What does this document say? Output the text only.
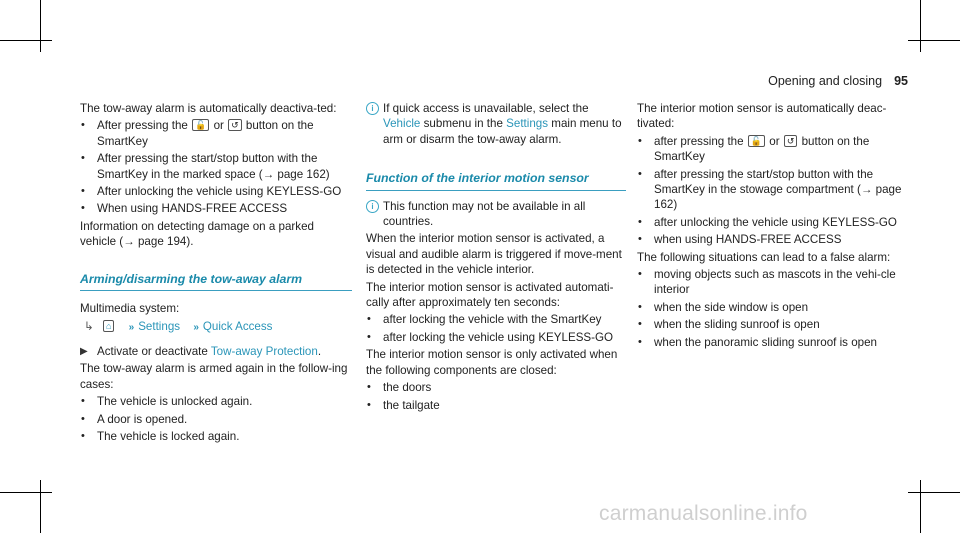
Opening and closing 95

The tow-away alarm is automatically deactiva-ted:

• After pressing the 🔓 or ↺ button on the SmartKey
• After pressing the start/stop button with the SmartKey in the marked space (→ page 162)
• After unlocking the vehicle using KEYLESS-GO
• When using HANDS-FREE ACCESS

Information on detecting damage on a parked vehicle (→ page 194).

Arming/disarming the tow-away alarm

Multimedia system:

↳ ⌂ » Settings » Quick Access
▶ Activate or deactivate Tow-away Protection.

The tow-away alarm is armed again in the follow-ing cases:

• The vehicle is unlocked again.
• A door is opened.
• The vehicle is locked again.
i If quick access is unavailable, select the Vehicle submenu in the Settings main menu to arm or disarm the tow-away alarm.
Function of the interior motion sensor
i This function may not be available in all countries.

When the interior motion sensor is activated, a visual and audible alarm is triggered if move-ment is detected in the vehicle interior.

The interior motion sensor is activated automati-cally after approximately ten seconds:

• after locking the vehicle with the SmartKey
• after locking the vehicle using KEYLESS-GO

The interior motion sensor is only activated when the following components are closed:

• the doors
• the tailgate

The interior motion sensor is automatically deac-tivated:

• after pressing the 🔓 or ↺ button on the SmartKey
• after pressing the start/stop button with the SmartKey in the stowage compartment (→ page 162)
• after unlocking the vehicle using KEYLESS-GO
• when using HANDS-FREE ACCESS

The following situations can lead to a false alarm:

• moving objects such as mascots in the vehi-cle interior
• when the side window is open
• when the sliding sunroof is open
• when the panoramic sliding sunroof is open
carmanualsonline.info
